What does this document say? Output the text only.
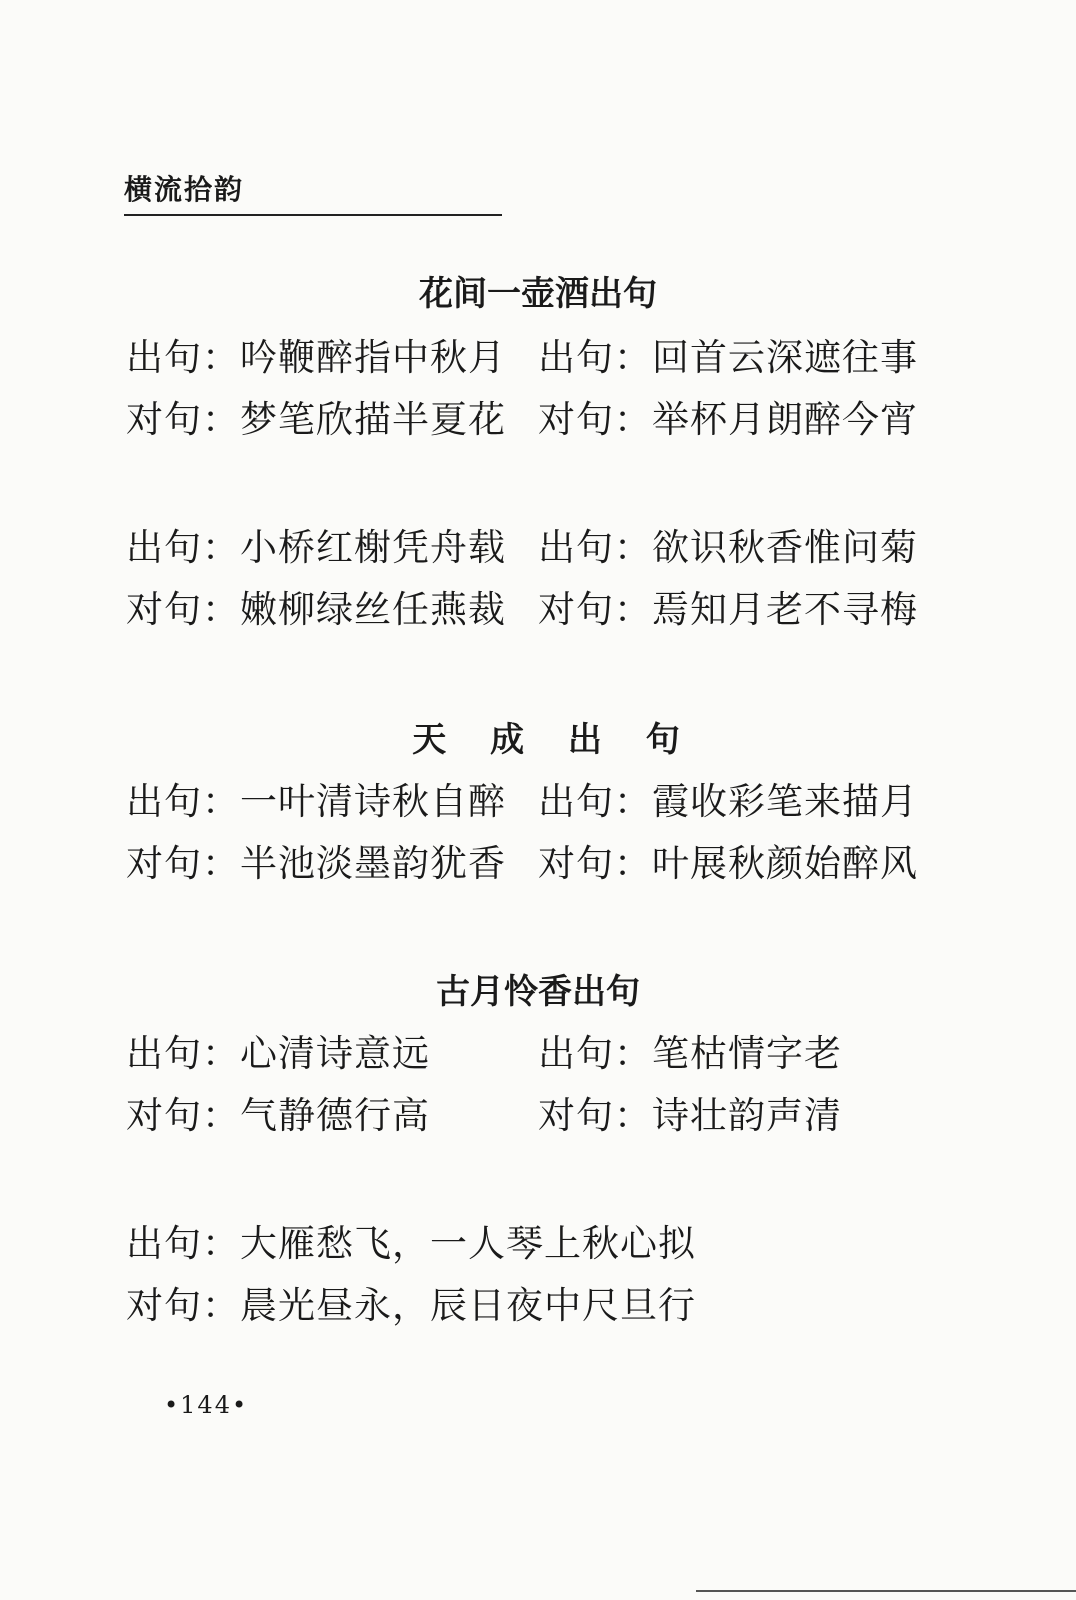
横流拾韵
花间一壶酒出句
出句：吟鞭醉指中秋月 出句：回首云深遮往事
对句：梦笔欣描半夏花 对句：举杯月朗醉今宵
出句：小桥红榭凭舟载 出句：欲识秋香惟问菊
对句：嫩柳绿丝任燕裁 对句：焉知月老不寻梅
天 成 出 句
出句：一叶清诗秋自醉 出句：霞收彩笔来描月
对句：半池淡墨韵犹香 对句：叶展秋颜始醉风
古月怜香出句
出句：心清诗意远	出句：笔枯情字老
对句：气静德行高	对句：诗壮韵声清
出句：大雁愁飞，一人琴上秋心拟
对句：晨光昼永，辰日夜中尺旦行
•144•
